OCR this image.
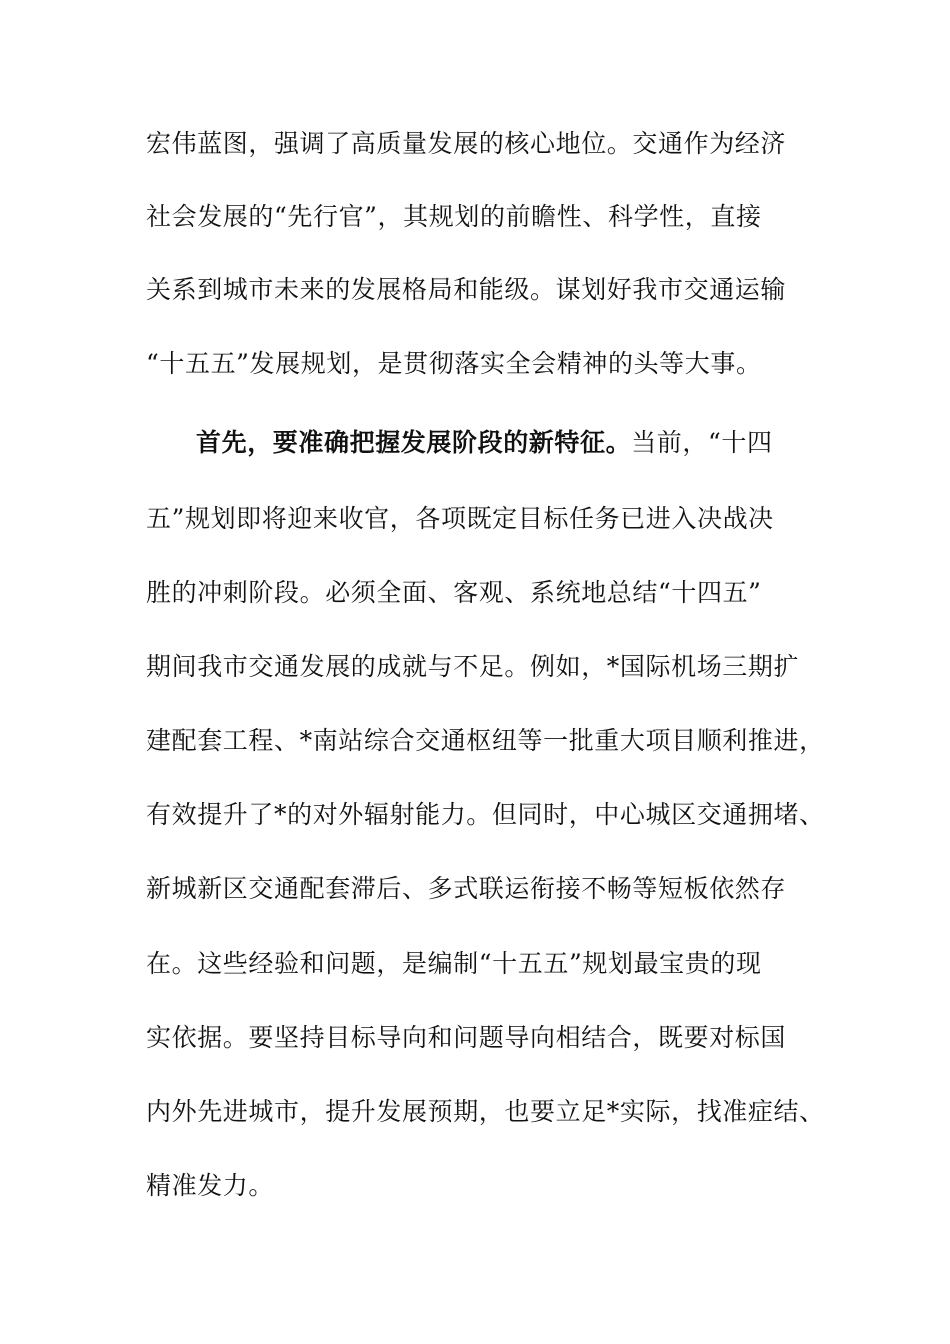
宏伟蓝图，强调了高质量发展的核心地位。交通作为经济
社会发展的“先行官”，其规划的前瞻性、科学性，直接
关系到城市未来的发展格局和能级。谋划好我市交通运输
“十五五”发展规划，是贯彻落实全会精神的头等大事。
首先，要准确把握发展阶段的新特征。当前，“十四
五”规划即将迎来收官，各项既定目标任务已进入决战决
胜的冲刺阶段。必须全面、客观、系统地总结“十四五”
期间我市交通发展的成就与不足。例如，*国际机场三期扩
建配套工程、*南站综合交通枢纽等一批重大项目顺利推进，
有效提升了*的对外辐射能力。但同时，中心城区交通拥堵、
新城新区交通配套滞后、多式联运衔接不畅等短板依然存
在。这些经验和问题，是编制“十五五”规划最宝贵的现
实依据。要坚持目标导向和问题导向相结合，既要对标国
内外先进城市，提升发展预期，也要立足*实际，找准症结、
精准发力。
